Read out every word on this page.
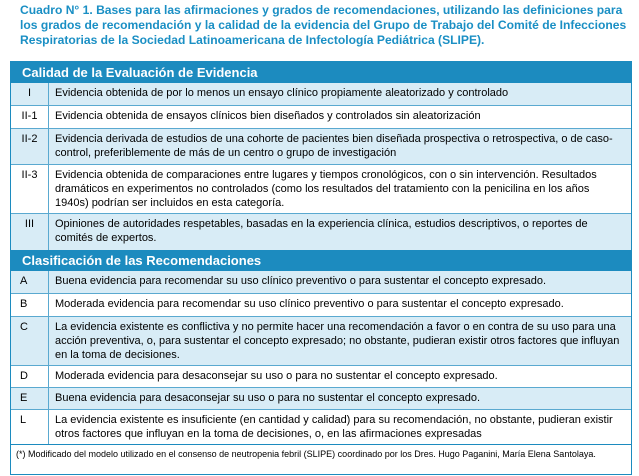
Cuadro N° 1. Bases para las afirmaciones y grados de recomendaciones, utilizando las definiciones para los grados de recomendación y la calidad de la evidencia del Grupo de Trabajo del Comité de Infecciones Respiratorias de la Sociedad Latinoamericana de Infectología Pediátrica (SLIPE).
Calidad de la Evaluación de Evidencia
I	Evidencia obtenida de por lo menos un ensayo clínico propiamente aleatorizado y controlado
II-1	Evidencia obtenida de ensayos clínicos bien diseñados y controlados sin aleatorización
II-2	Evidencia derivada de estudios de una cohorte de pacientes bien diseñada prospectiva o retrospectiva, o de caso-control, preferiblemente de más de un centro o grupo de investigación
II-3	Evidencia obtenida de comparaciones entre lugares y tiempos cronológicos, con o sin intervención. Resultados dramáticos en experimentos no controlados (como los resultados del tratamiento con la penicilina en los años 1940s) podrían ser incluidos en esta categoría.
III	Opiniones de autoridades respetables, basadas en la experiencia clínica, estudios descriptivos, o reportes de comités de expertos.
Clasificación de las Recomendaciones
A	Buena evidencia para recomendar su uso clínico preventivo o para sustentar el concepto expresado.
B	Moderada evidencia para recomendar su uso clínico preventivo o para sustentar el concepto expresado.
C	La evidencia existente es conflictiva y no permite hacer una recomendación a favor o en contra de su uso para una acción preventiva, o, para sustentar el concepto expresado; no obstante, pudieran existir otros factores que influyan en la toma de decisiones.
D	Moderada evidencia para desaconsejar su uso o para no sustentar el concepto expresado.
E	Buena evidencia para desaconsejar su uso o para no sustentar el concepto expresado.
L	La evidencia existente es insuficiente (en cantidad y calidad) para su recomendación, no obstante, pudieran existir otros factores que influyan en la toma de decisiones, o, en las afirmaciones expresadas
(*) Modificado del modelo utilizado en el consenso de neutropenia febril (SLIPE) coordinado por los Dres. Hugo Paganini, María Elena Santolaya.
